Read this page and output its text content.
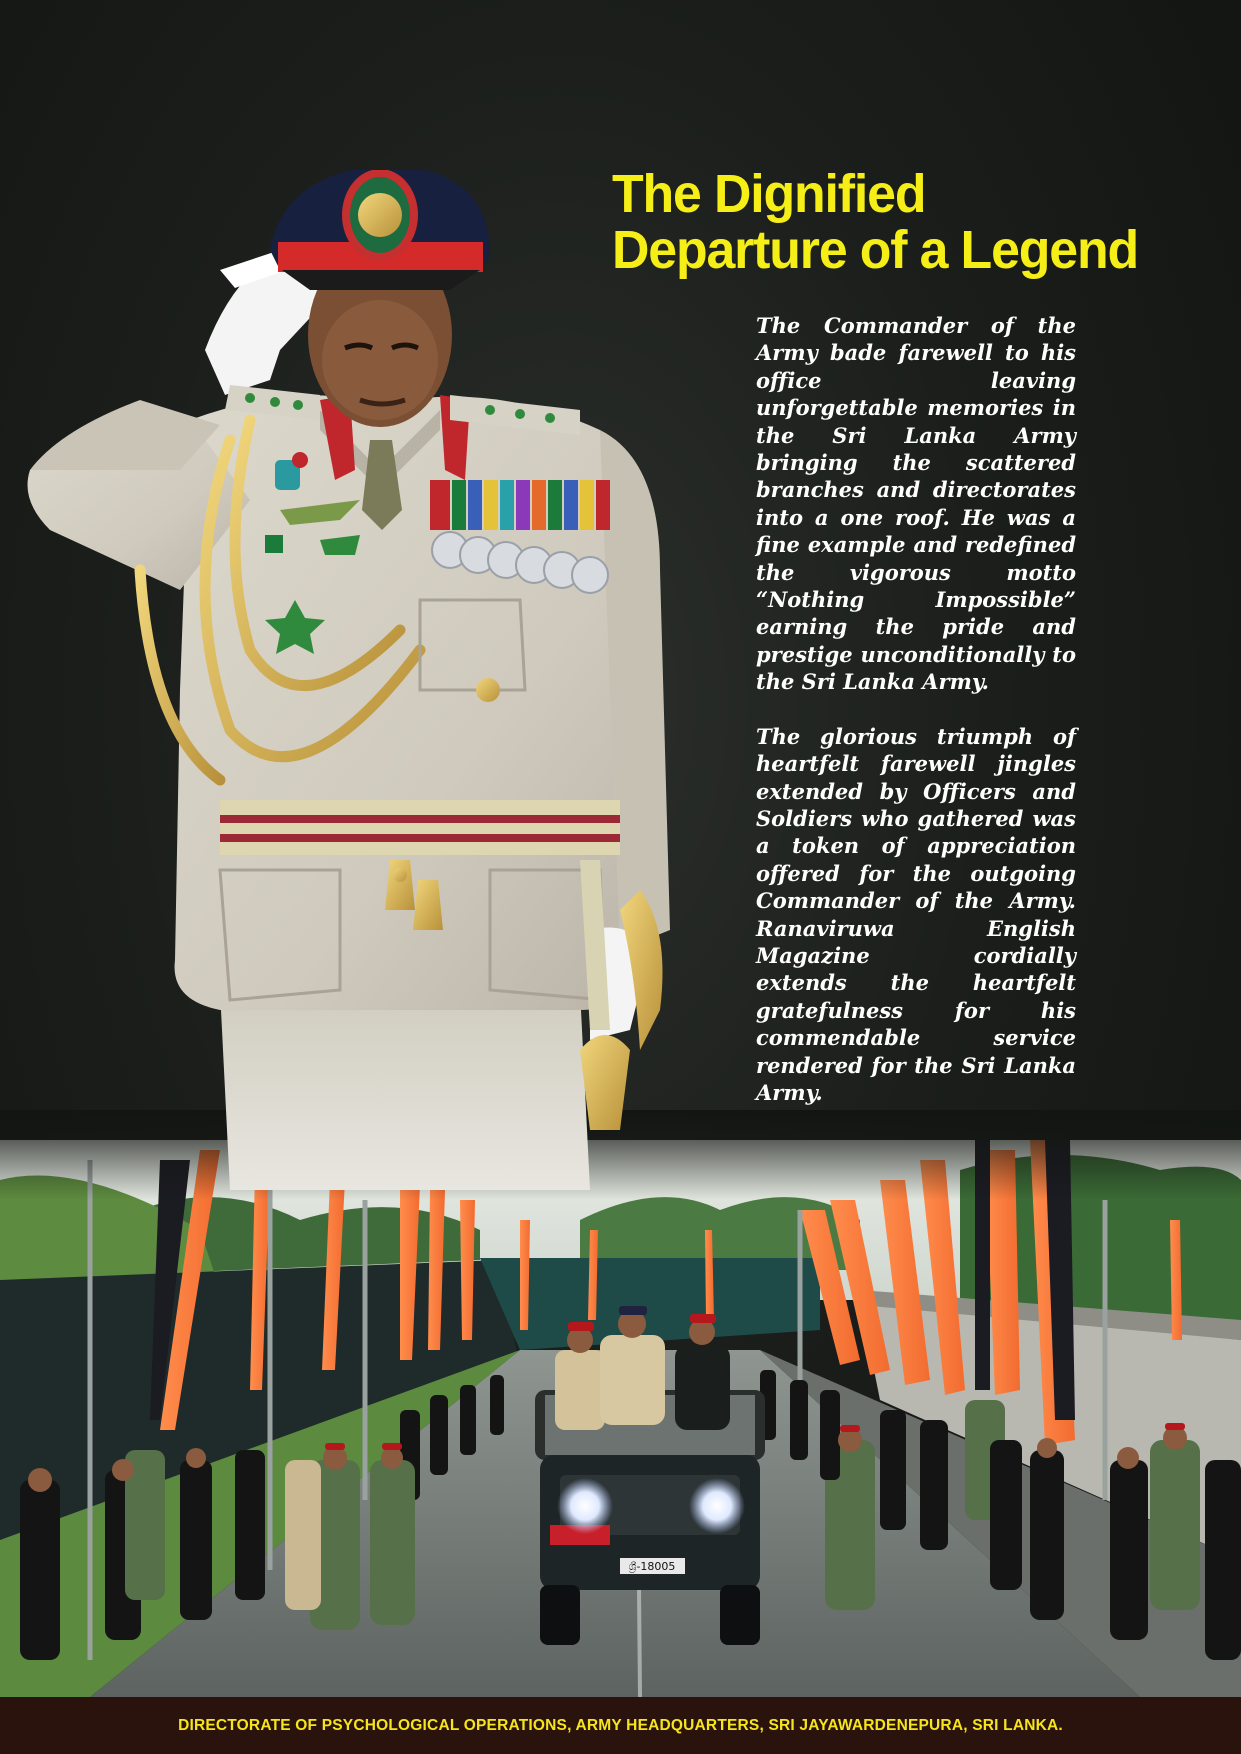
ශ්‍රී-18005
The Dignified
Departure of a Legend

The Commander of the Army bade farewell to his office leaving unforgettable memories in the Sri Lanka Army bringing the scattered branches and directorates into a one roof. He was a fine example and redefined the vigorous motto “Nothing Impossible” earning the pride and prestige unconditionally to the Sri Lanka Army.

The glorious triumph of heartfelt farewell jingles extended by Officers and Soldiers who gathered was a token of appreciation offered for the outgoing Commander of the Army. Ranaviruwa English Magazine cordially extends the heartfelt gratefulness for his commendable service rendered for the Sri Lanka Army.

DIRECTORATE OF PSYCHOLOGICAL OPERATIONS, ARMY HEADQUARTERS, SRI JAYAWARDENEPURA, SRI LANKA.
